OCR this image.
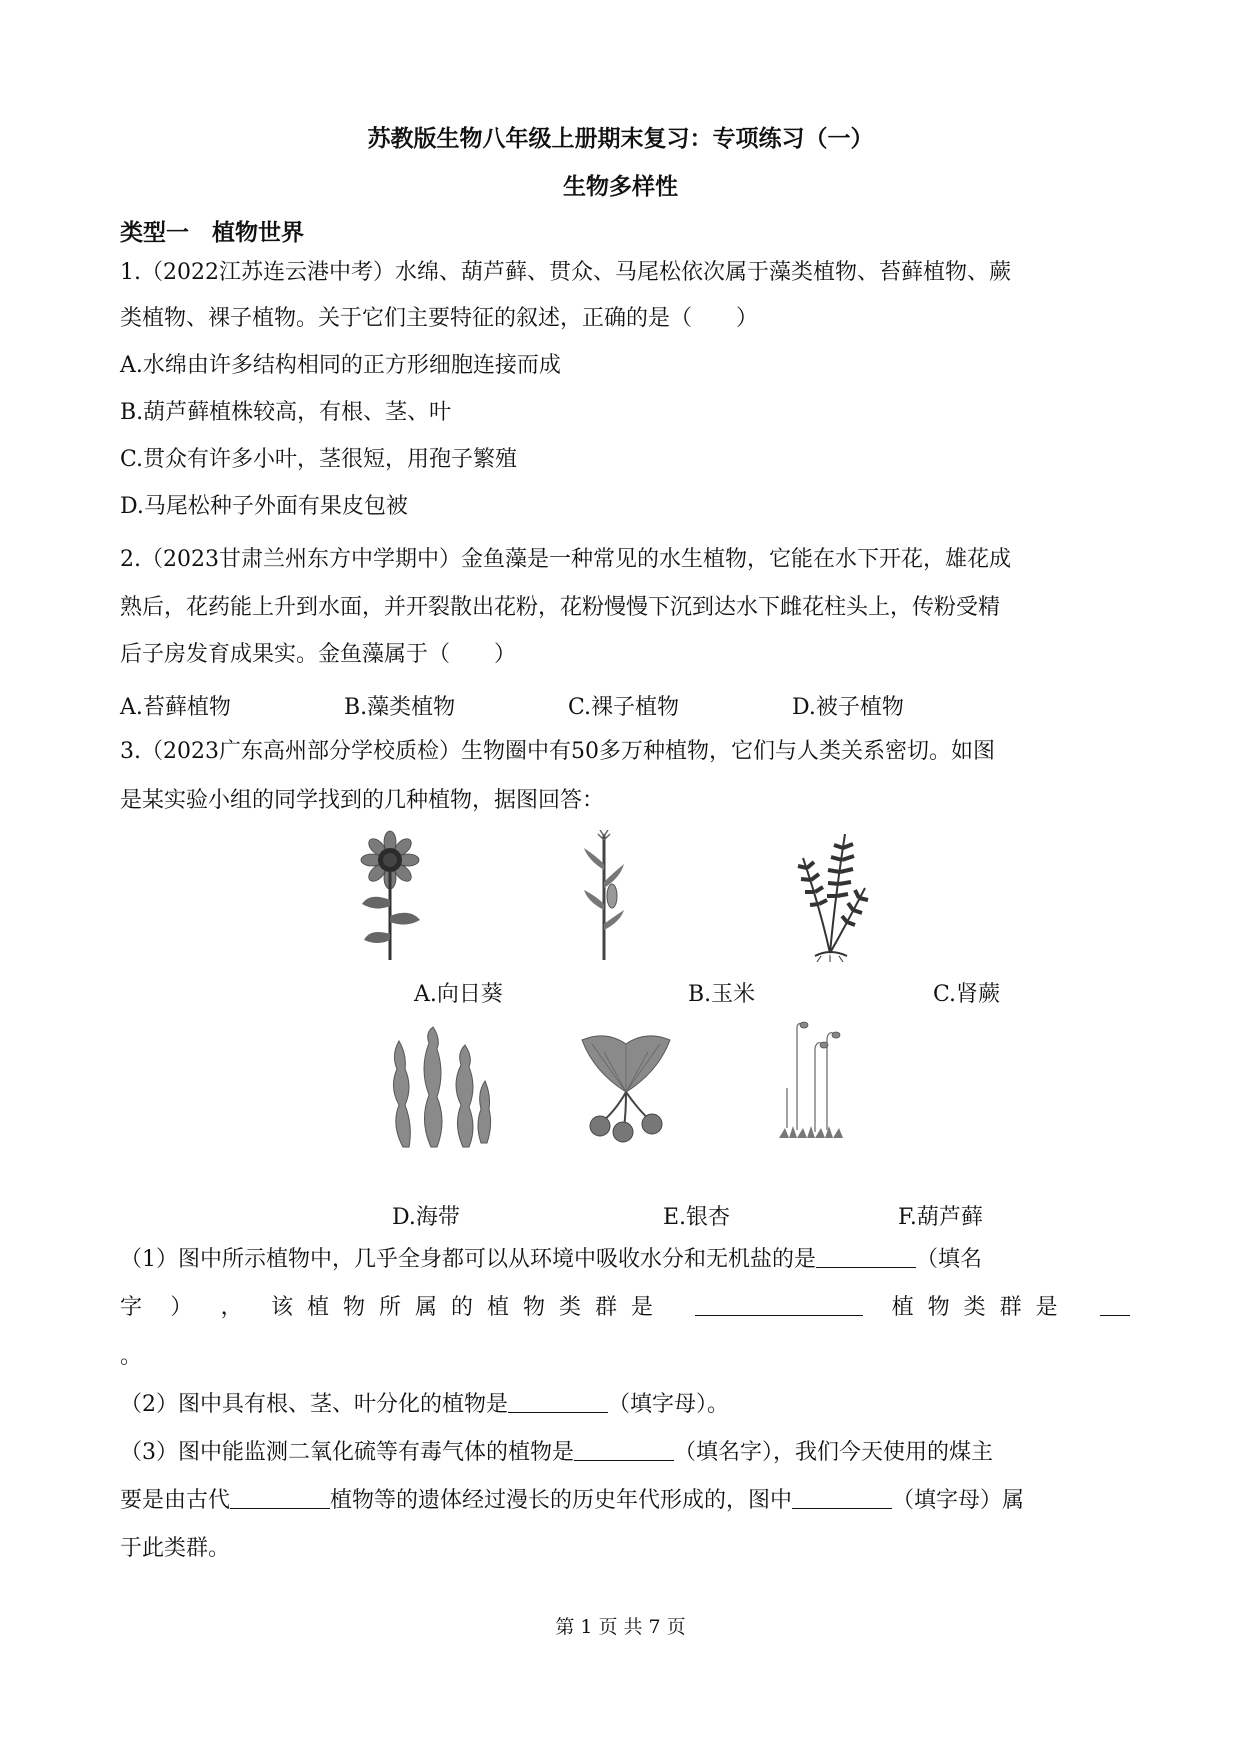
苏教版生物八年级上册期末复习：专项练习（一）
生物多样性
类型一　植物世界
1.（2022江苏连云港中考）水绵、葫芦藓、贯众、马尾松依次属于藻类植物、苔藓植物、蕨
类植物、裸子植物。关于它们主要特征的叙述，正确的是（　　）
A.水绵由许多结构相同的正方形细胞连接而成
B.葫芦藓植株较高，有根、茎、叶
C.贯众有许多小叶，茎很短，用孢子繁殖
D.马尾松种子外面有果皮包被
2.（2023甘肃兰州东方中学期中）金鱼藻是一种常见的水生植物，它能在水下开花，雄花成
熟后，花药能上升到水面，并开裂散出花粉，花粉慢慢下沉到达水下雌花柱头上，传粉受精
后子房发育成果实。金鱼藻属于（　　）
A.苔藓植物	B.藻类植物	C.裸子植物	D.被子植物
3.（2023广东高州部分学校质检）生物圈中有50多万种植物，它们与人类关系密切。如图
是某实验小组的同学找到的几种植物，据图回答：
A.向日葵	B.玉米	C.肾蕨
D.海带	E.银杏	F.葫芦藓
（1）图中所示植物中，几乎全身都可以从环境中吸收水分和无机盐的是	（填名
字 ） ， 该植物所属的植物类群是	植物类群是
。
（2）图中具有根、茎、叶分化的植物是	（填字母）。
（3）图中能监测二氧化硫等有毒气体的植物是	（填名字），我们今天使用的煤主
要是由古代	植物等的遗体经过漫长的历史年代形成的，图中	（填字母）属
于此类群。
第 1 页 共 7 页
